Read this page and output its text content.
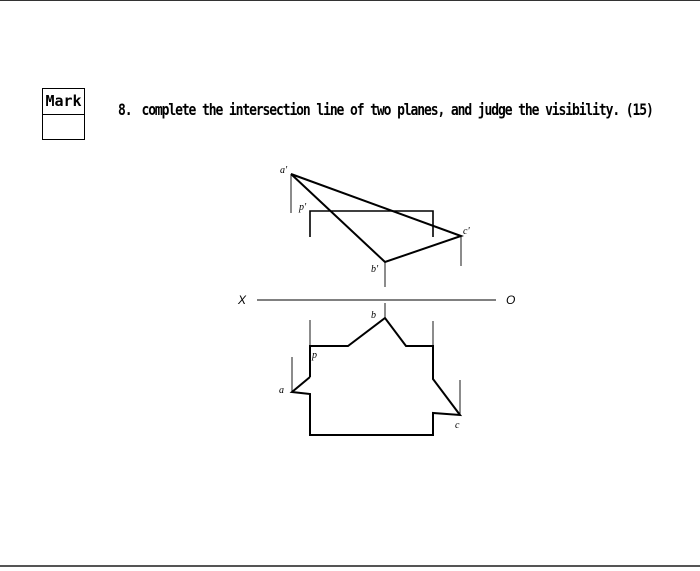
Mark	8. complete the intersection line of two planes, and judge the visibility. (15)
X	O
a'
p'
b'
c'
b
p
a
c
